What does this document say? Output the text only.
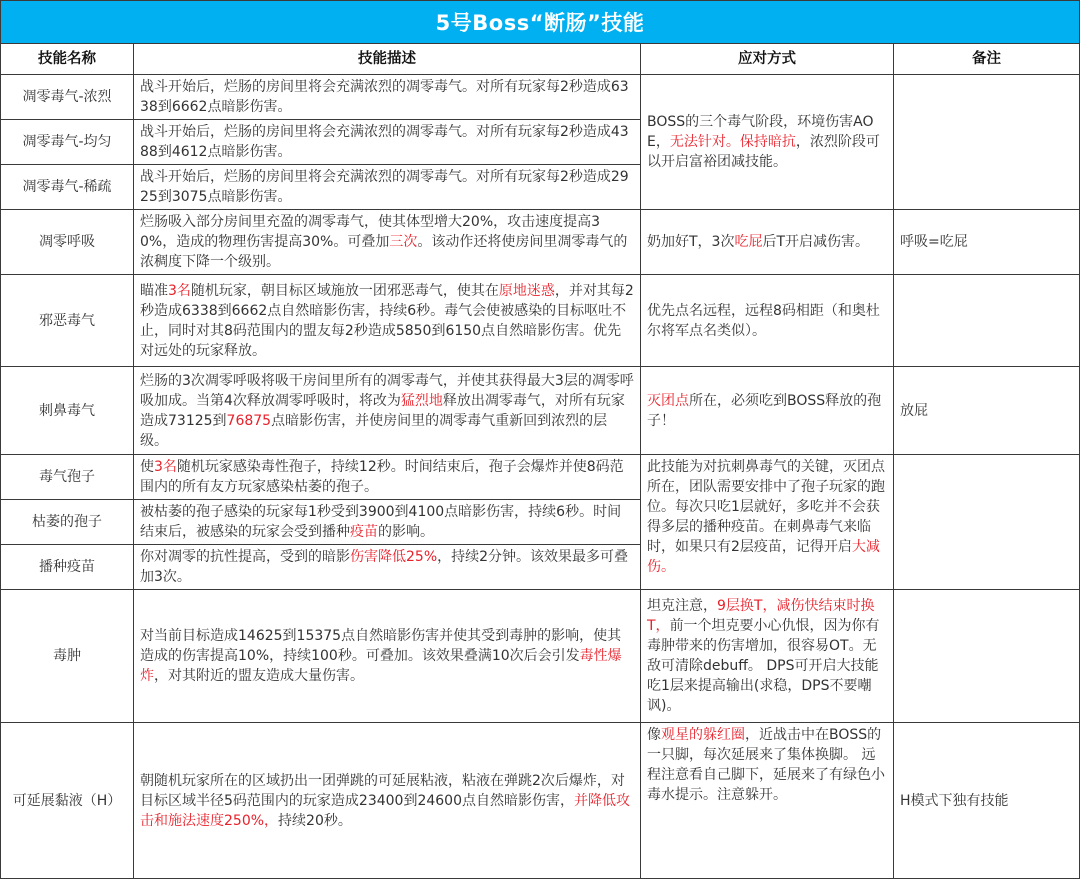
5号Boss“断肠”技能
技能名称	技能描述	应对方式	备注
凋零毒气-浓烈	战斗开始后，烂肠的房间里将会充满浓烈的凋零毒气。对所有玩家每2秒造成6338到6662点暗影伤害。	BOSS的三个毒气阶段，环境伤害AOE，无法针对。保持暗抗，浓烈阶段可以开启富裕团减技能。	
凋零毒气-均匀	战斗开始后，烂肠的房间里将会充满浓烈的凋零毒气。对所有玩家每2秒造成4388到4612点暗影伤害。		
凋零毒气-稀疏	战斗开始后，烂肠的房间里将会充满浓烈的凋零毒气。对所有玩家每2秒造成2925到3075点暗影伤害。		
凋零呼吸	烂肠吸入部分房间里充盈的凋零毒气，使其体型增大20%，攻击速度提高30%，造成的物理伤害提高30%。可叠加三次。该动作还将使房间里凋零毒气的浓稠度下降一个级别。	奶加好T，3次吃屁后T开启减伤害。	呼吸=吃屁
邪恶毒气	瞄准3名随机玩家，朝目标区域施放一团邪恶毒气，使其在原地迷惑，并对其每2秒造成6338到6662点自然暗影伤害，持续6秒。毒气会使被感染的目标呕吐不止，同时对其8码范围内的盟友每2秒造成5850到6150点自然暗影伤害。优先对远处的玩家释放。	优先点名远程，远程8码相距（和奥杜尔将军点名类似）。	
刺鼻毒气	烂肠的3次凋零呼吸将吸干房间里所有的凋零毒气，并使其获得最大3层的凋零呼吸加成。当第4次释放凋零呼吸时，将改为猛烈地释放出凋零毒气，对所有玩家造成73125到76875点暗影伤害，并使房间里的凋零毒气重新回到浓烈的层级。	灭团点所在，必须吃到BOSS释放的孢子！	放屁
毒气孢子	使3名随机玩家感染毒性孢子，持续12秒。时间结束后，孢子会爆炸并使8码范围内的所有友方玩家感染枯萎的孢子。	此技能为对抗刺鼻毒气的关键，灭团点所在，团队需要安排中了孢子玩家的跑位。每次只吃1层就好，多吃并不会获得多层的播种疫苗。在刺鼻毒气来临时，如果只有2层疫苗，记得开启大减伤。	
枯萎的孢子	被枯萎的孢子感染的玩家每1秒受到3900到4100点暗影伤害，持续6秒。时间结束后，被感染的玩家会受到播种疫苗的影响。		
播种疫苗	你对凋零的抗性提高，受到的暗影伤害降低25%，持续2分钟。该效果最多可叠加3次。		
毒肿	对当前目标造成14625到15375点自然暗影伤害并使其受到毒肿的影响，使其造成的伤害提高10%，持续100秒。可叠加。该效果叠满10次后会引发毒性爆炸，对其附近的盟友造成大量伤害。	坦克注意，9层换T，减伤快结束时换T，前一个坦克要小心仇恨，因为你有毒肿带来的伤害增加，很容易OT。无敌可清除debuff。 DPS可开启大技能吃1层来提高输出(求稳，DPS不要嘲讽)。	
可延展黏液（H）	朝随机玩家所在的区域扔出一团弹跳的可延展粘液，粘液在弹跳2次后爆炸，对目标区域半径5码范围内的玩家造成23400到24600点自然暗影伤害，并降低攻击和施法速度250%，持续20秒。	像观星的躲红圈，近战击中在BOSS的一只脚，每次延展来了集体换脚。 远程注意看自己脚下，延展来了有绿色小毒水提示。注意躲开。	H模式下独有技能
